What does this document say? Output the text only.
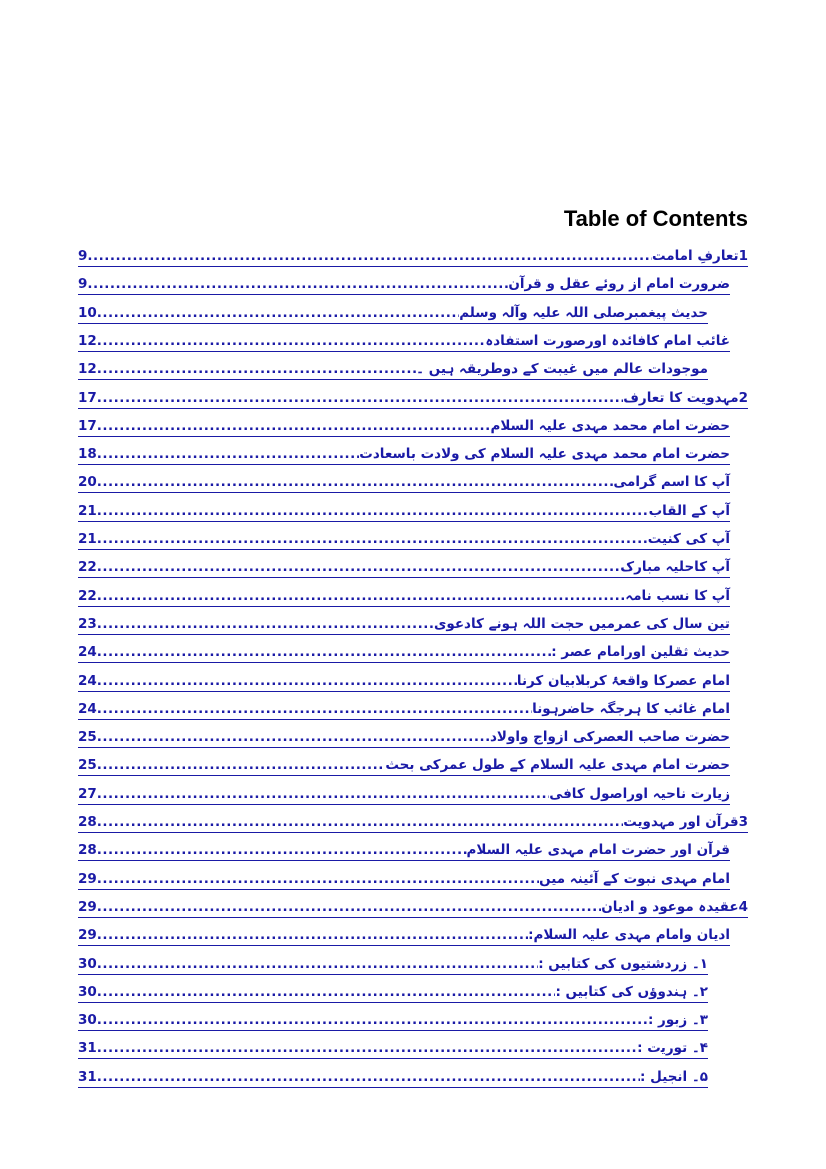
Table of Contents
9 .....	1تعارفِ امامت
9 .....	ضرورت امام از روئے عقل و قرآن
10 .....	حدیث پیغمبرصلی اللہ علیہ وآلہ وسلم
12 .....	غائب امام کافائدہ اورصورت استفادہ
12 .....	موجودات عالم میں غیبت کے دوطریقہ ہیں ۔
17 .....	2مہدویت کا تعارف
17 .....	حضرت امام محمد مہدی علیہ السلام
18 .....	حضرت امام محمد مہدی علیہ السلام کی ولادت باسعادت
20 .....	آپ کا اسم گرامی
21 .....	آپ کے القاب
21 .....	آپ کی کنیت
22 .....	آپ کاحلیہ مبارک
22 .....	آپ کا نسب نامہ
23 .....	تین سال کی عمرمیں حجت اللہ ہونے کادعوی
24 .....	حدیث ثقلین اورامام عصر :
24 .....	امام عصرکا واقعۂ کربلابیان کرنا
24 .....	امام غائب کا ہرجگہ حاضرہونا
25 .....	حضرت صاحب العصرکی ازواج واولاد
25 .....	حضرت امام مہدی علیہ السلام کے طول عمرکی بحث
27 .....	زیارت ناحیہ اوراصول کافی
28 .....	3قرآن اور مہدویت
28 .....	قرآن اور حضرت امام مہدی علیہ السلام
29 .....	امام مہدی نبوت کے آئینہ میں
29 .....	4عقیدہ موعود و ادیان
29 .....	ادیان وامام مہدی علیہ السلام:
30 .....	۱۔ زردشتیوں کی کتابیں :
30 .....	۲۔ ہندوؤں کی کتابیں :
30 .....	۳۔ زبور :
31 .....	۴۔ تورﯾت :
31 .....	۵۔ انجیل :
